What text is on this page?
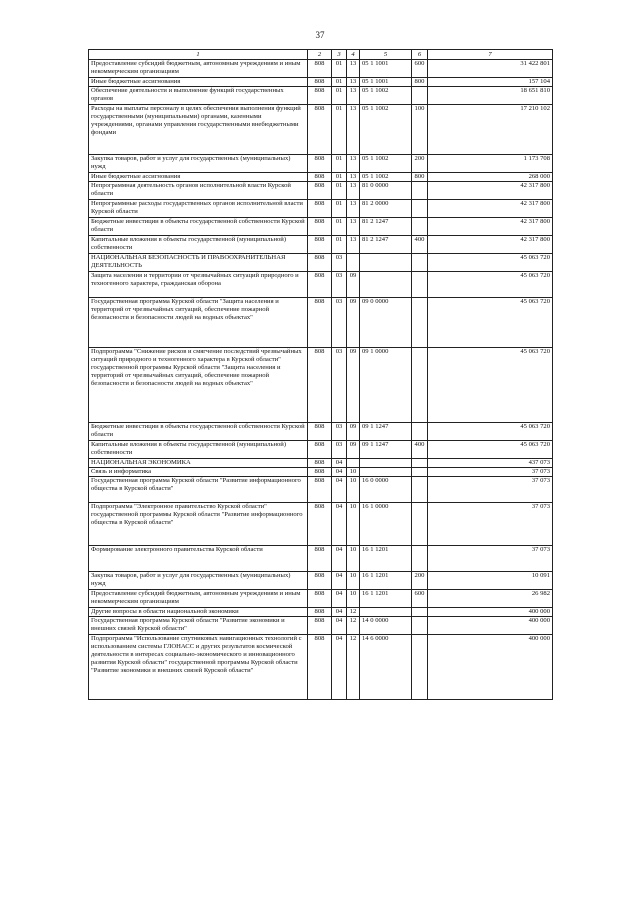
37
1	2	3	4	5	6	7
Предоставление субсидий бюджетным, автономным учреждениям и иным некоммерческим организациям	808	01	13	05 1 1001	600	31 422 801
Иные бюджетные ассигнования	808	01	13	05 1 1001	800	157 104
Обеспечение деятельности и выполнение функций государственных органов	808	01	13	05 1 1002		18 651 810
Расходы на выплаты персоналу в целях обеспечения выполнения функций государственными (муниципальными) органами, казенными учреждениями, органами управления государственными внебюджетными фондами	808	01	13	05 1 1002	100	17 210 102
Закупка товаров, работ и услуг для государственных (муниципальных) нужд	808	01	13	05 1 1002	200	1 173 708
Иные бюджетные ассигнования	808	01	13	05 1 1002	800	268 000
Непрограммная деятельность органов исполнительной власти Курской области	808	01	13	81 0 0000		42 317 800
Непрограммные расходы государственных органов исполнительной власти Курской области	808	01	13	81 2 0000		42 317 800
Бюджетные инвестиции в объекты государственной собственности Курской области	808	01	13	81 2 1247		42 317 800
Капитальные вложения в объекты государственной (муниципальной) собственности	808	01	13	81 2 1247	400	42 317 800
НАЦИОНАЛЬНАЯ БЕЗОПАСНОСТЬ И ПРАВООХРАНИТЕЛЬНАЯ ДЕЯТЕЛЬНОСТЬ	808	03				45 063 720
Защита населения и территории от чрезвычайных ситуаций природного и техногенного характера, гражданская оборона	808	03	09			45 063 720
Государственная программа Курской области "Защита населения и территорий от чрезвычайных ситуаций, обеспечение пожарной безопасности и безопасности людей на водных объектах"	808	03	09	09 0 0000		45 063 720
Подпрограмма "Снижение рисков и смягчение последствий чрезвычайных ситуаций природного и техногенного характера в Курской области" государственной программы Курской области "Защита населения и территорий от чрезвычайных ситуаций, обеспечение пожарной безопасности и безопасности людей на водных объектах"	808	03	09	09 1 0000		45 063 720
Бюджетные инвестиции в объекты государственной собственности Курской области	808	03	09	09 1 1247		45 063 720
Капитальные вложения в объекты государственной (муниципальной) собственности	808	03	09	09 1 1247	400	45 063 720
НАЦИОНАЛЬНАЯ ЭКОНОМИКА	808	04				437 073
Связь и информатика	808	04	10			37 073
Государственная программа Курской области "Развитие информационного общества в Курской области"	808	04	10	16 0 0000		37 073
Подпрограмма "Электронное правительство Курской области" государственной программы Курской области "Развитие информационного общества в Курской области"	808	04	10	16 1 0000		37 073
Формирование электронного правительства Курской области	808	04	10	16 1 1201		37 073
Закупка товаров, работ и услуг для государственных (муниципальных) нужд	808	04	10	16 1 1201	200	10 091
Предоставление субсидий бюджетным, автономным учреждениям и иным некоммерческим организациям	808	04	10	16 1 1201	600	26 982
Другие вопросы в области национальной экономики	808	04	12			400 000
Государственная программа Курской области "Развитие экономики и внешних связей Курской области"	808	04	12	14 0 0000		400 000
Подпрограмма "Использование спутниковых навигационных технологий с использованием системы ГЛОНАСС и других результатов космической деятельности в интересах социально-экономического и инновационного развития Курской области" государственной программы Курской области "Развитие экономики и внешних связей Курской области"	808	04	12	14 6 0000		400 000
